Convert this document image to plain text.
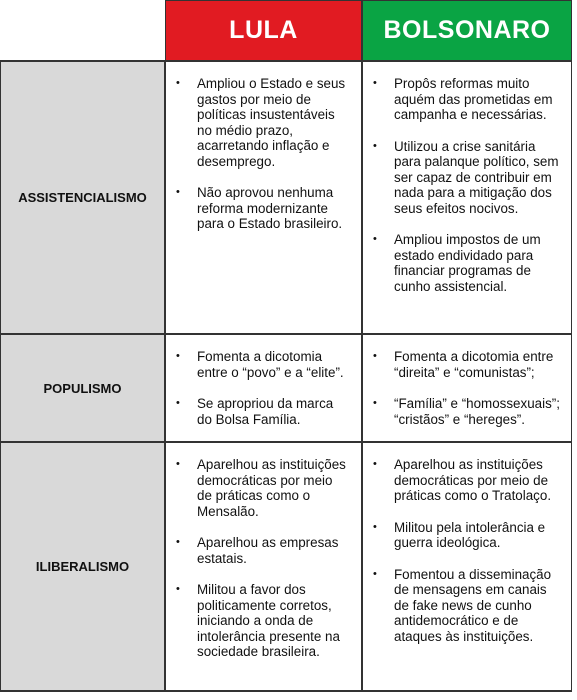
LULA	BOLSONARO
ASSISTENCIALISMO
• Ampliou o Estado e seus gastos por meio de políticas insustentáveis no médio prazo, acarretando inflação e desemprego.
• Não aprovou nenhuma reforma modernizante para o Estado brasileiro.
• Propôs reformas muito aquém das prometidas em campanha e necessárias.
• Utilizou a crise sanitária para palanque político, sem ser capaz de contribuir em nada para a mitigação dos seus efeitos nocivos.
• Ampliou impostos de um estado endividado para financiar programas de cunho assistencial.
POPULISMO
• Fomenta a dicotomia entre o “povo” e a “elite”.
• Se apropriou da marca do Bolsa Família.
• Fomenta a dicotomia entre “direita” e “comunistas”;
• “Família” e “homossexuais”; “cristãos” e “hereges”.
ILIBERALISMO
• Aparelhou as instituições democráticas por meio de práticas como o Mensalão.
• Aparelhou as empresas estatais.
• Militou a favor dos politicamente corretos, iniciando a onda de intolerância presente na sociedade brasileira.
• Aparelhou as instituições democráticas por meio de práticas como o Tratolaço.
• Militou pela intolerância e guerra ideológica.
• Fomentou a disseminação de mensagens em canais de fake news de cunho antidemocrático e de ataques às instituições.
